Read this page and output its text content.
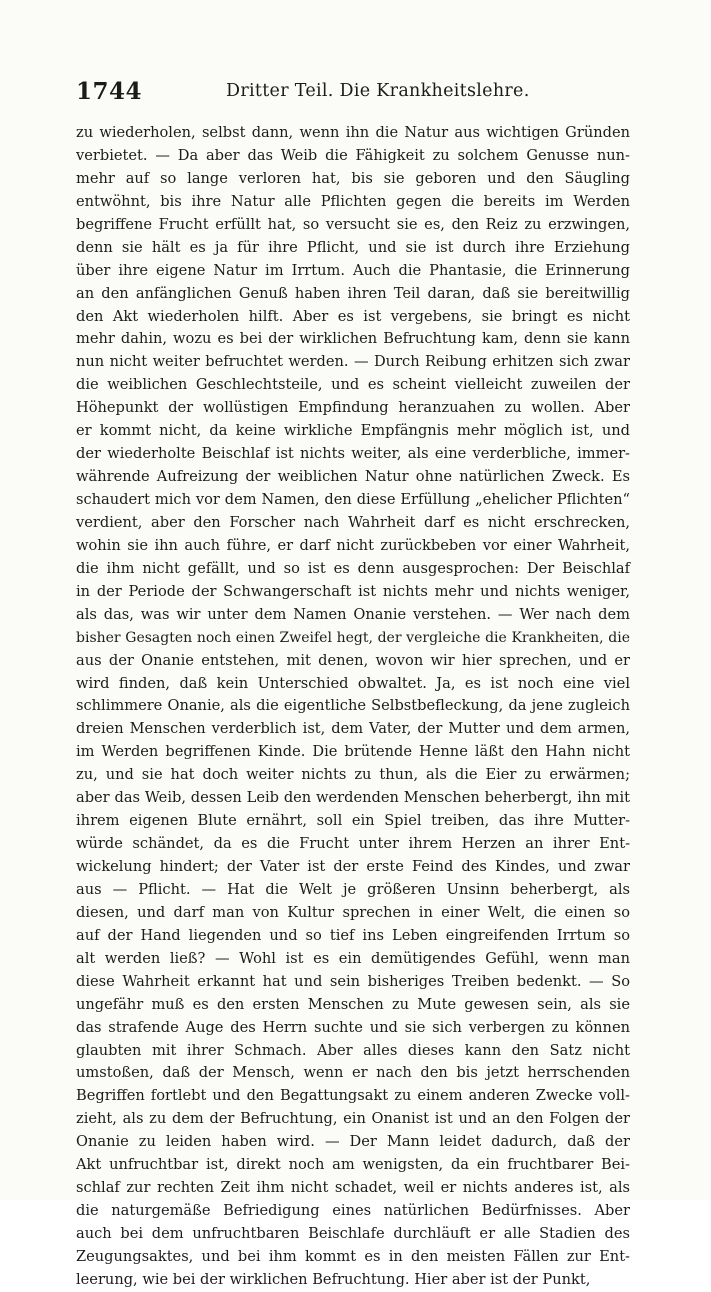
1744	Dritter Teil. Die Krankheitslehre.
zu wiederholen, selbst dann, wenn ihn die Natur aus wichtigen Gründen
verbietet. — Da aber das Weib die Fähigkeit zu solchem Genusse nun-
mehr auf so lange verloren hat, bis sie geboren und den Säugling
entwöhnt, bis ihre Natur alle Pflichten gegen die bereits im Werden
begriffene Frucht erfüllt hat, so versucht sie es, den Reiz zu erzwingen,
denn sie hält es ja für ihre Pflicht, und sie ist durch ihre Erziehung
über ihre eigene Natur im Irrtum. Auch die Phantasie, die Erinnerung
an den anfänglichen Genuß haben ihren Teil daran, daß sie bereitwillig
den Akt wiederholen hilft. Aber es ist vergebens, sie bringt es nicht
mehr dahin, wozu es bei der wirklichen Befruchtung kam, denn sie kann
nun nicht weiter befruchtet werden. — Durch Reibung erhitzen sich zwar
die weiblichen Geschlechtsteile, und es scheint vielleicht zuweilen der
Höhepunkt der wollüstigen Empfindung heranzuahen zu wollen. Aber
er kommt nicht, da keine wirkliche Empfängnis mehr möglich ist, und
der wiederholte Beischlaf ist nichts weiter, als eine verderbliche, immer-
währende Aufreizung der weiblichen Natur ohne natürlichen Zweck. Es
schaudert mich vor dem Namen, den diese Erfüllung „ehelicher Pflichten“
verdient, aber den Forscher nach Wahrheit darf es nicht erschrecken,
wohin sie ihn auch führe, er darf nicht zurückbeben vor einer Wahrheit,
die ihm nicht gefällt, und so ist es denn ausgesprochen: Der Beischlaf
in der Periode der Schwangerschaft ist nichts mehr und nichts weniger,
als das, was wir unter dem Namen Onanie verstehen. — Wer nach dem
bisher Gesagten noch einen Zweifel hegt, der vergleiche die Krankheiten, die
aus der Onanie entstehen, mit denen, wovon wir hier sprechen, und er
wird finden, daß kein Unterschied obwaltet. Ja, es ist noch eine viel
schlimmere Onanie, als die eigentliche Selbstbefleckung, da jene zugleich
dreien Menschen verderblich ist, dem Vater, der Mutter und dem armen,
im Werden begriffenen Kinde. Die brütende Henne läßt den Hahn nicht
zu, und sie hat doch weiter nichts zu thun, als die Eier zu erwärmen;
aber das Weib, dessen Leib den werdenden Menschen beherbergt, ihn mit
ihrem eigenen Blute ernährt, soll ein Spiel treiben, das ihre Mutter-
würde schändet, da es die Frucht unter ihrem Herzen an ihrer Ent-
wickelung hindert; der Vater ist der erste Feind des Kindes, und zwar
aus — Pflicht. — Hat die Welt je größeren Unsinn beherbergt, als
diesen, und darf man von Kultur sprechen in einer Welt, die einen so
auf der Hand liegenden und so tief ins Leben eingreifenden Irrtum so
alt werden ließ? — Wohl ist es ein demütigendes Gefühl, wenn man
diese Wahrheit erkannt hat und sein bisheriges Treiben bedenkt. — So
ungefähr muß es den ersten Menschen zu Mute gewesen sein, als sie
das strafende Auge des Herrn suchte und sie sich verbergen zu können
glaubten mit ihrer Schmach. Aber alles dieses kann den Satz nicht
umstoßen, daß der Mensch, wenn er nach den bis jetzt herrschenden
Begriffen fortlebt und den Begattungsakt zu einem anderen Zwecke voll-
zieht, als zu dem der Befruchtung, ein Onanist ist und an den Folgen der
Onanie zu leiden haben wird. — Der Mann leidet dadurch, daß der
Akt unfruchtbar ist, direkt noch am wenigsten, da ein fruchtbarer Bei-
schlaf zur rechten Zeit ihm nicht schadet, weil er nichts anderes ist, als
die naturgemäße Befriedigung eines natürlichen Bedürfnisses. Aber
auch bei dem unfruchtbaren Beischlafe durchläuft er alle Stadien des
Zeugungsaktes, und bei ihm kommt es in den meisten Fällen zur Ent-
leerung, wie bei der wirklichen Befruchtung. Hier aber ist der Punkt,
